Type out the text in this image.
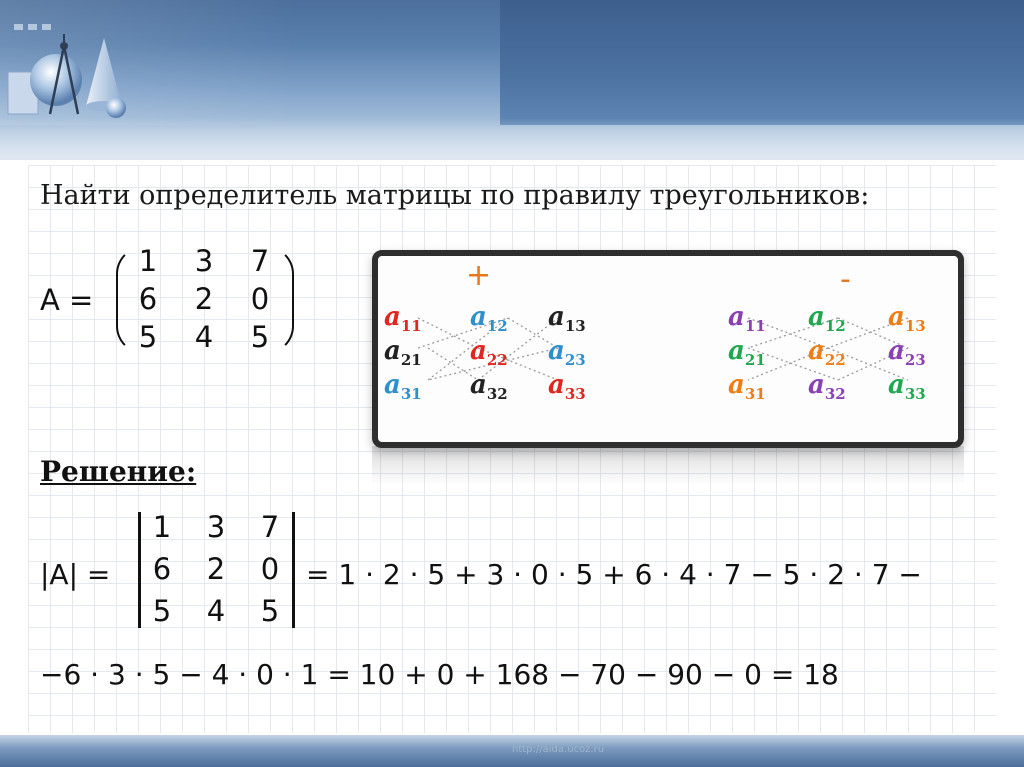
Найти определитель матрицы по правилу треугольников:
A =
1	3	7
6	2	0
5	4	5
+	-
$a_{11}$ $a_{12}$ $a_{13}$
$a_{21}$ $a_{22}$ $a_{23}$
$a_{31}$ $a_{32}$ $a_{33}$
$a_{11}$ $a_{12}$ $a_{13}$
$a_{21}$ $a_{22}$ $a_{23}$
$a_{31}$ $a_{32}$ $a_{33}$
Решение:
|A| =
1	3	7
6	2	0
5	4	5
= 1 · 2 · 5 + 3 · 0 · 5 + 6 · 4 · 7 − 5 · 2 · 7 −
−6 · 3 · 5 − 4 · 0 · 1 = 10 + 0 + 168 − 70 − 90 − 0 = 18
http://aida.ucoz.ru
